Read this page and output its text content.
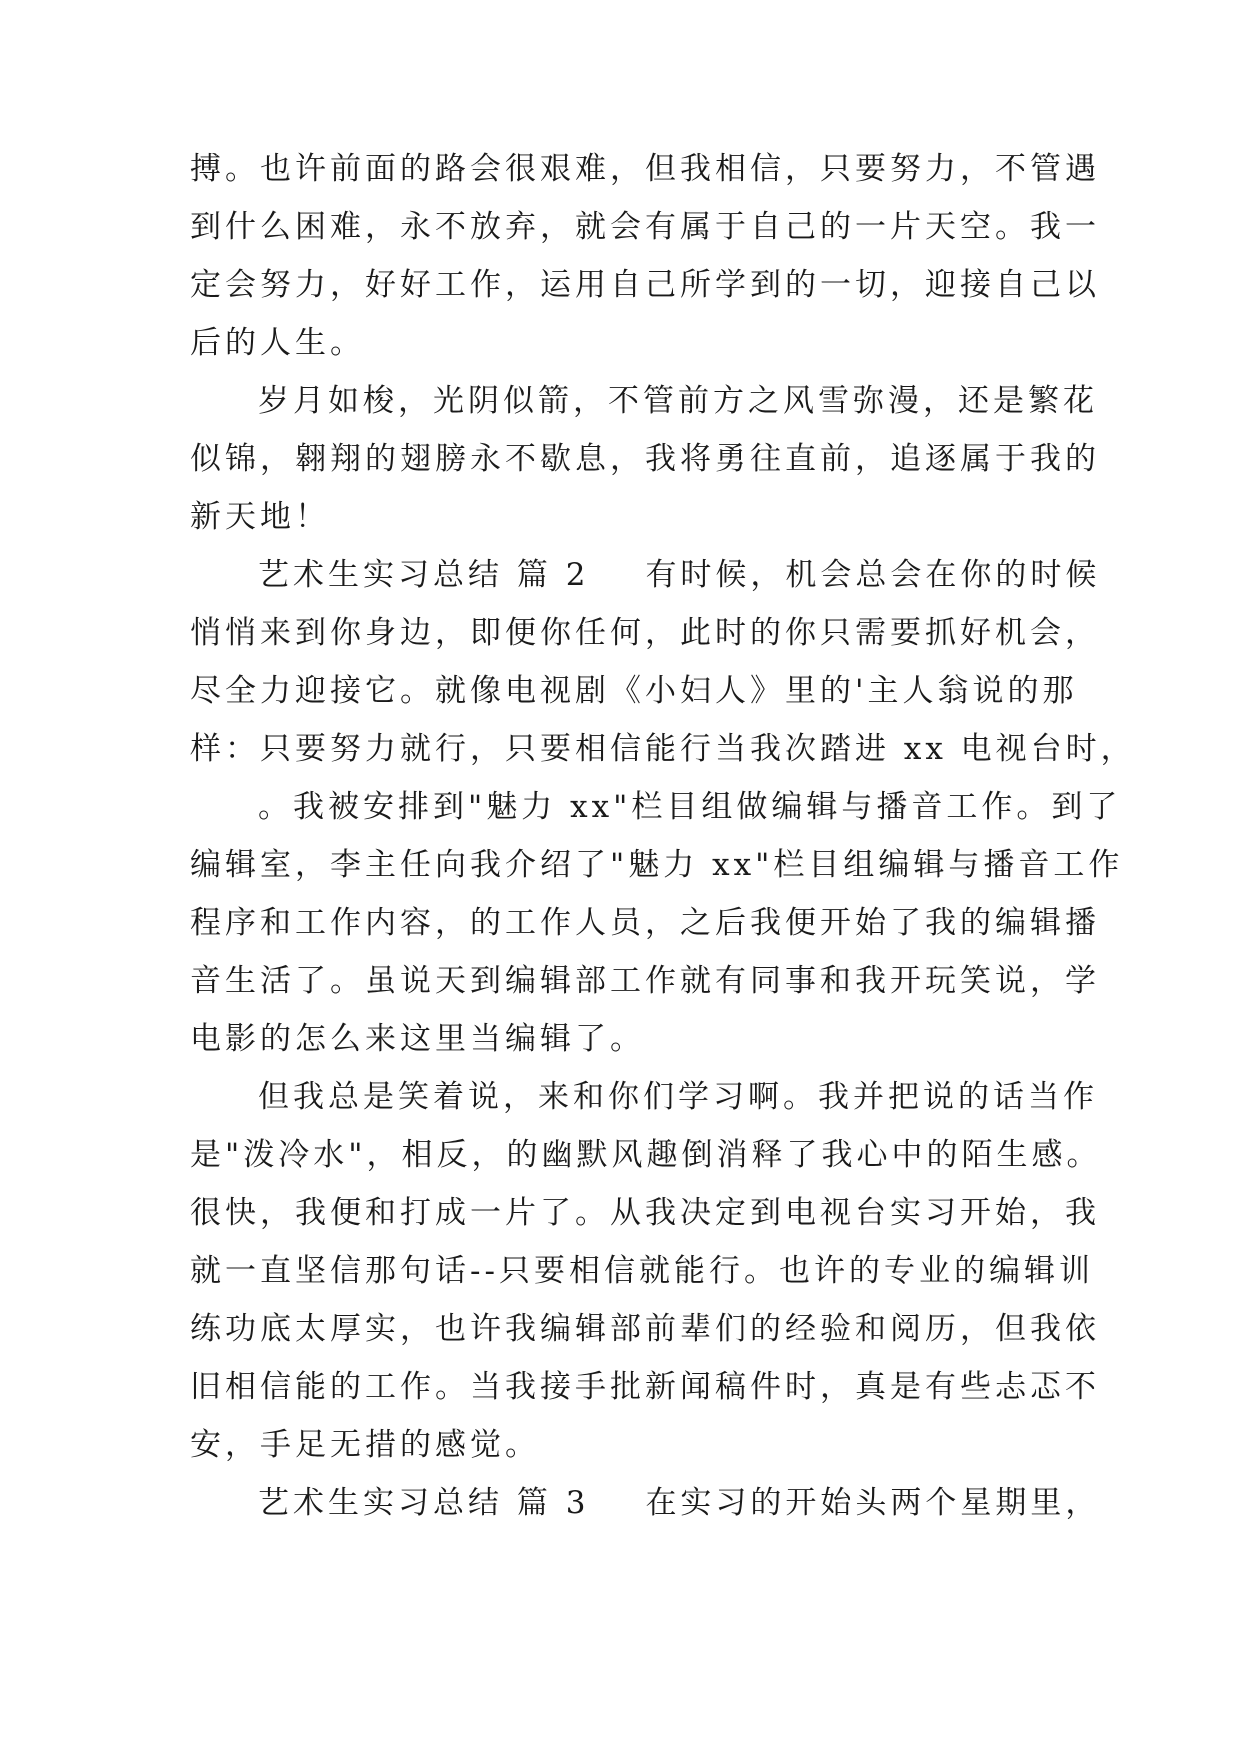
搏。也许前面的路会很艰难，但我相信，只要努力，不管遇
到什么困难，永不放弃，就会有属于自己的一片天空。我一
定会努力，好好工作，运用自己所学到的一切，迎接自己以
后的人生。
岁月如梭，光阴似箭，不管前方之风雪弥漫，还是繁花
似锦，翱翔的翅膀永不歇息，我将勇往直前，追逐属于我的
新天地！
艺术生实习总结 篇 2 有时候，机会总会在你的时候
悄悄来到你身边，即便你任何，此时的你只需要抓好机会，
尽全力迎接它。就像电视剧《小妇人》里的'主人翁说的那
样：只要努力就行，只要相信能行当我次踏进 xx 电视台时，
。我被安排到"魅力 xx"栏目组做编辑与播音工作。到了
编辑室，李主任向我介绍了"魅力 xx"栏目组编辑与播音工作
程序和工作内容，的工作人员，之后我便开始了我的编辑播
音生活了。虽说天到编辑部工作就有同事和我开玩笑说，学
电影的怎么来这里当编辑了。
但我总是笑着说，来和你们学习啊。我并把说的话当作
是"泼冷水"，相反，的幽默风趣倒消释了我心中的陌生感。
很快，我便和打成一片了。从我决定到电视台实习开始，我
就一直坚信那句话--只要相信就能行。也许的专业的编辑训
练功底太厚实，也许我编辑部前辈们的经验和阅历，但我依
旧相信能的工作。当我接手批新闻稿件时，真是有些忐忑不
安，手足无措的感觉。
艺术生实习总结 篇 3 在实习的开始头两个星期里，
